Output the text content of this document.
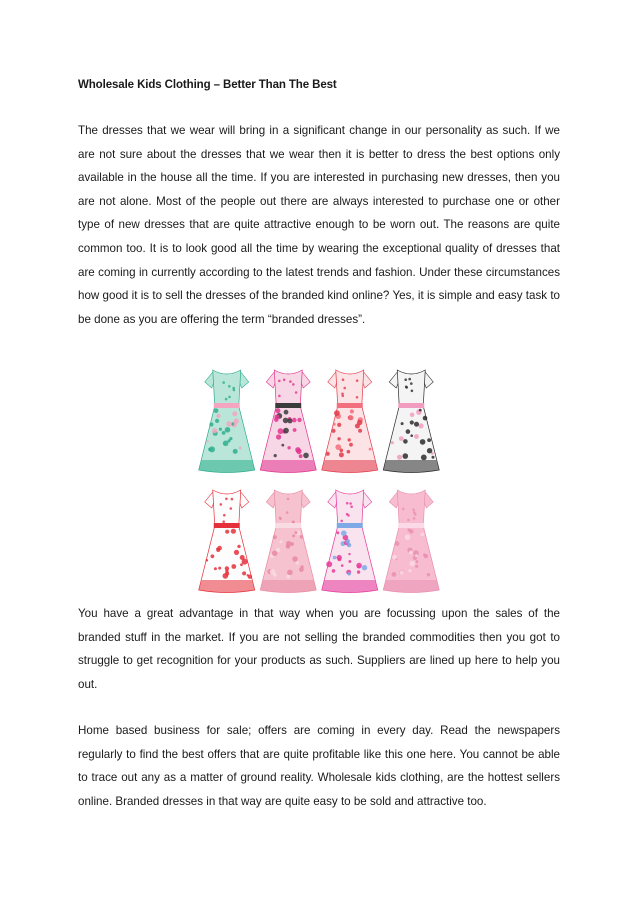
Wholesale Kids Clothing – Better Than The Best

The dresses that we wear will bring in a significant change in our personality as such. If we are not sure about the dresses that we wear then it is better to dress the best options only available in the house all the time. If you are interested in purchasing new dresses, then you are not alone. Most of the people out there are always interested to purchase one or other type of new dresses that are quite attractive enough to be worn out. The reasons are quite common too. It is to look good all the time by wearing the exceptional quality of dresses that are coming in currently according to the latest trends and fashion. Under these circumstances how good it is to sell the dresses of the branded kind online? Yes, it is simple and easy task to be done as you are offering the term “branded dresses”.

You have a great advantage in that way when you are focussing upon the sales of the branded stuff in the market. If you are not selling the branded commodities then you got to struggle to get recognition for your products as such. Suppliers are lined up here to help you out.

Home based business for sale; offers are coming in every day. Read the newspapers regularly to find the best offers that are quite profitable like this one here. You cannot be able to trace out any as a matter of ground reality. Wholesale kids clothing, are the hottest sellers online. Branded dresses in that way are quite easy to be sold and attractive too.
